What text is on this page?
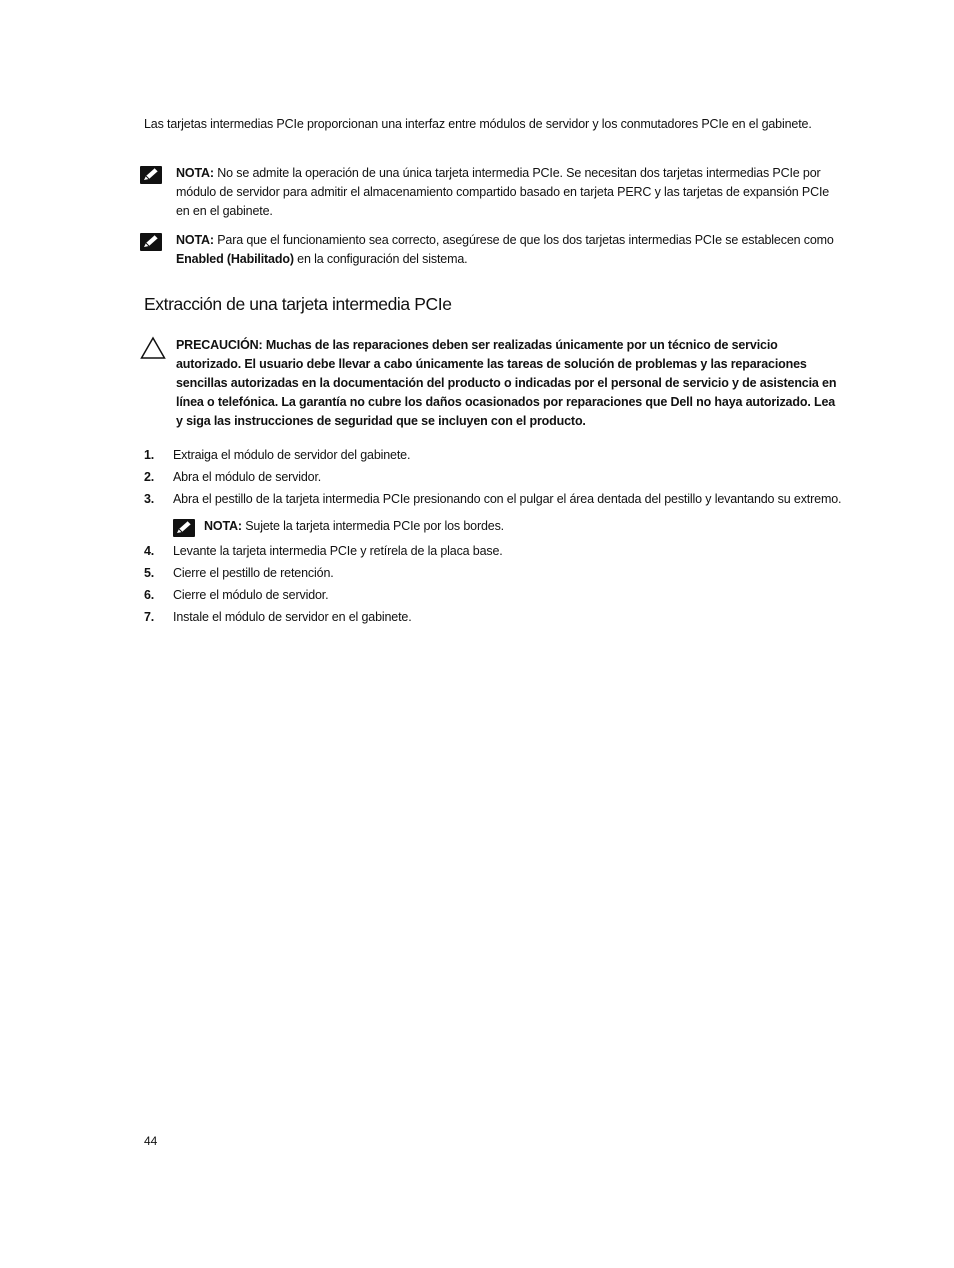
Las tarjetas intermedias PCIe proporcionan una interfaz entre módulos de servidor y los conmutadores PCIe en el gabinete.
NOTA: No se admite la operación de una única tarjeta intermedia PCIe. Se necesitan dos tarjetas intermedias PCIe por módulo de servidor para admitir el almacenamiento compartido basado en tarjeta PERC y las tarjetas de expansión PCIe en en el gabinete.
NOTA: Para que el funcionamiento sea correcto, asegúrese de que los dos tarjetas intermedias PCIe se establecen como Enabled (Habilitado) en la configuración del sistema.
Extracción de una tarjeta intermedia PCIe
PRECAUCIÓN: Muchas de las reparaciones deben ser realizadas únicamente por un técnico de servicio autorizado. El usuario debe llevar a cabo únicamente las tareas de solución de problemas y las reparaciones sencillas autorizadas en la documentación del producto o indicadas por el personal de servicio y de asistencia en línea o telefónica. La garantía no cubre los daños ocasionados por reparaciones que Dell no haya autorizado. Lea y siga las instrucciones de seguridad que se incluyen con el producto.
1. Extraiga el módulo de servidor del gabinete.
2. Abra el módulo de servidor.
3. Abra el pestillo de la tarjeta intermedia PCIe presionando con el pulgar el área dentada del pestillo y levantando su extremo.
NOTA: Sujete la tarjeta intermedia PCIe por los bordes.
4. Levante la tarjeta intermedia PCIe y retírela de la placa base.
5. Cierre el pestillo de retención.
6. Cierre el módulo de servidor.
7. Instale el módulo de servidor en el gabinete.
44
